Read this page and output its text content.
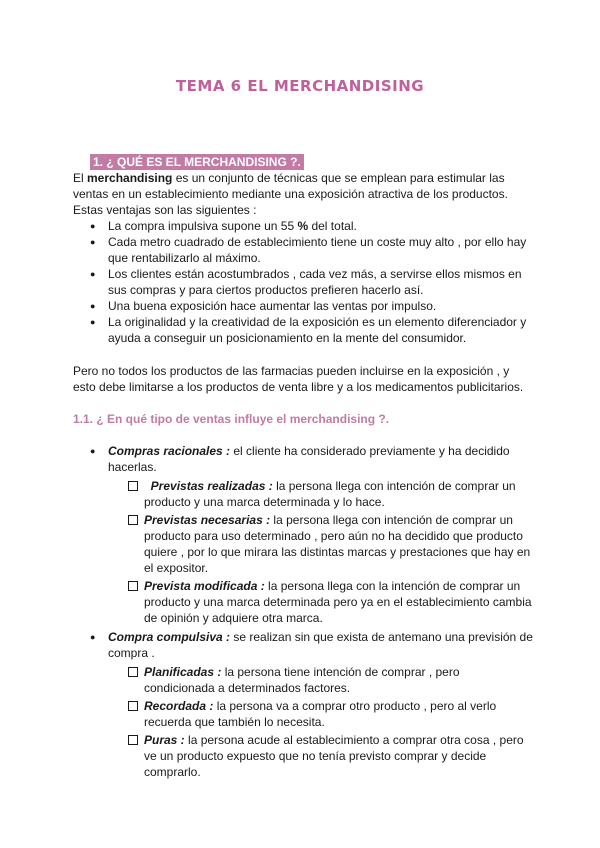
TEMA 6 EL MERCHANDISING
1. ¿ QUÉ ES EL MERCHANDISING ?.

El merchandising es un conjunto de técnicas que se emplean para estimular las ventas en un establecimiento mediante una exposición atractiva de los productos.

Estas ventajas son las siguientes :

● La compra impulsiva supone un 55 % del total.
● Cada metro cuadrado de establecimiento tiene un coste muy alto , por ello hay que rentabilizarlo al máximo.
● Los clientes están acostumbrados , cada vez más, a servirse ellos mismos en sus compras y para ciertos productos prefieren hacerlo así.
● Una buena exposición hace aumentar las ventas por impulso.
● La originalidad y la creatividad de la exposición es un elemento diferenciador y ayuda a conseguir un posicionamiento en la mente del consumidor.

Pero no todos los productos de las farmacias pueden incluirse en la exposición , y esto debe limitarse a los productos de venta libre y a los medicamentos publicitarios.

1.1. ¿ En qué tipo de ventas influye el merchandising ?.
● Compras racionales : el cliente ha considerado previamente y ha decidido hacerlas.
Previstas realizadas : la persona llega con intención de comprar un producto y una marca determinada y lo hace.
Previstas necesarias : la persona llega con intención de comprar un producto para uso determinado , pero aún no ha decidido que producto quiere , por lo que mirara las distintas marcas y prestaciones que hay en el expositor.
Prevista modificada : la persona llega con la intención de comprar un producto y una marca determinada pero ya en el establecimiento cambia de opinión y adquiere otra marca.
● Compra compulsiva : se realizan sin que exista de antemano una previsión de compra .
Planificadas : la persona tiene intención de comprar , pero condicionada a determinados factores.
Recordada : la persona va a comprar otro producto , pero al verlo recuerda que también lo necesita.
Puras : la persona acude al establecimiento a comprar otra cosa , pero ve un producto expuesto que no tenía previsto comprar y decide comprarlo.
